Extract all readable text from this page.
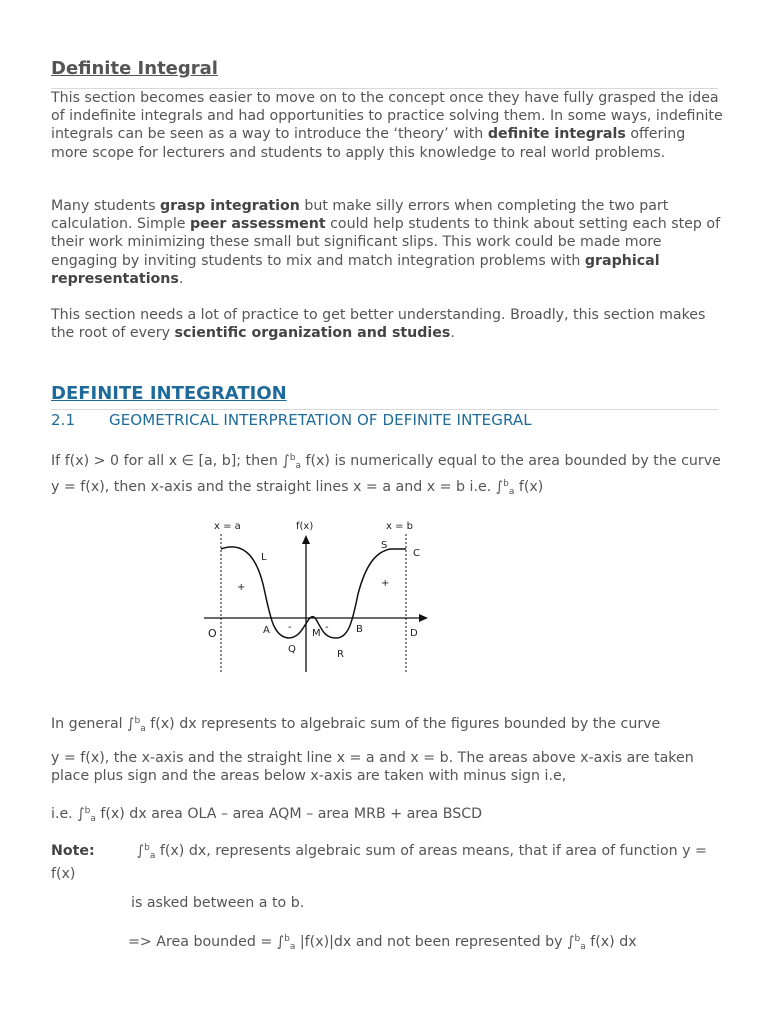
Definite Integral

This section becomes easier to move on to the concept once they have fully grasped the idea of indefinite integrals and had opportunities to practice solving them. In some ways, indefinite integrals can be seen as a way to introduce the ‘theory’ with definite integrals offering more scope for lecturers and students to apply this knowledge to real world problems.

Many students grasp integration but make silly errors when completing the two part calculation. Simple peer assessment could help students to think about setting each step of their work minimizing these small but significant slips. This work could be made more engaging by inviting students to mix and match integration problems with graphical representations.

This section needs a lot of practice to get better understanding. Broadly, this section makes the root of every scientific organization and studies.

DEFINITE INTEGRATION
2.1 GEOMETRICAL INTERPRETATION OF DEFINITE INTEGRAL

If f(x) > 0 for all x ∈ [a, b]; then ∫$^b_a$ f(x) is numerically equal to the area bounded by the curve y = f(x), then x-axis and the straight lines x = a and x = b i.e. ∫$^b_a$ f(x)

x = a	f(x)	x = b
L
S
C
O	A	M	B	D
Q	R
+	+
-	-

In general ∫$^b_a$ f(x) dx represents to algebraic sum of the figures bounded by the curve

y = f(x), the x-axis and the straight line x = a and x = b. The areas above x-axis are taken place plus sign and the areas below x-axis are taken with minus sign i.e,

i.e. ∫$^b_a$ f(x) dx area OLA – area AQM – area MRB + area BSCD

Note:	∫$^b_a$ f(x) dx, represents algebraic sum of areas means, that if area of function y = f(x)

is asked between a to b.

=> Area bounded = ∫$^b_a$ |f(x)|dx and not been represented by ∫$^b_a$ f(x) dx
